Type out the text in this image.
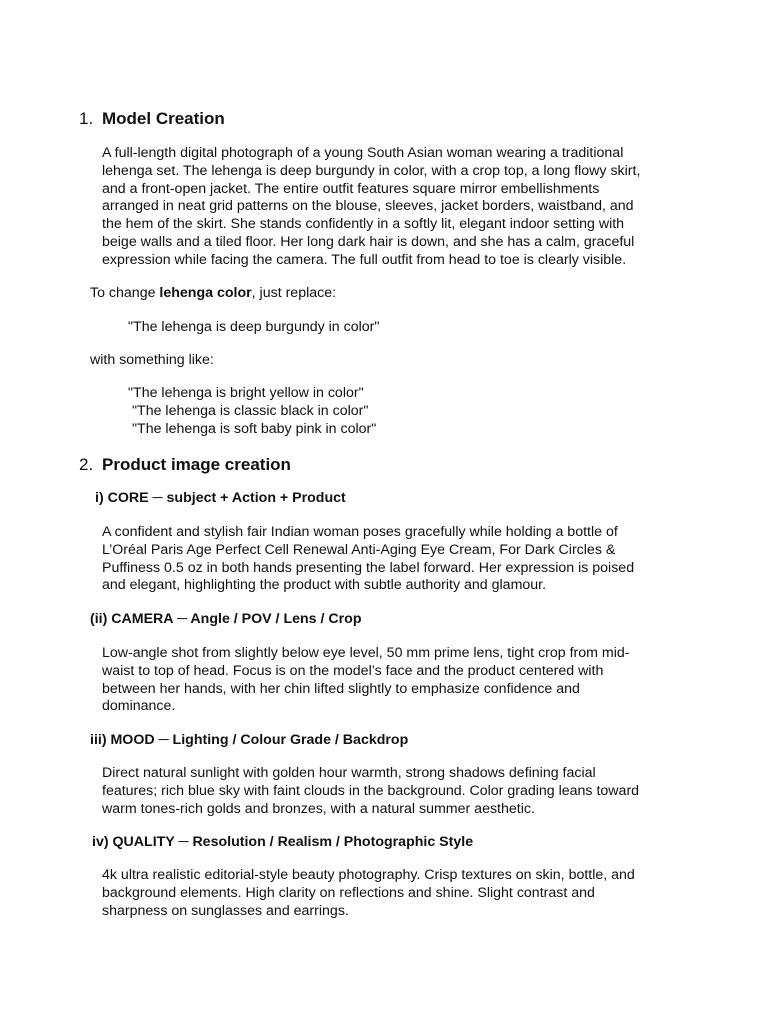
1. Model Creation
A full-length digital photograph of a young South Asian woman wearing a traditional
lehenga set. The lehenga is deep burgundy in color, with a crop top, a long flowy skirt,
and a front-open jacket. The entire outfit features square mirror embellishments
arranged in neat grid patterns on the blouse, sleeves, jacket borders, waistband, and
the hem of the skirt. She stands confidently in a softly lit, elegant indoor setting with
beige walls and a tiled floor. Her long dark hair is down, and she has a calm, graceful
expression while facing the camera. The full outfit from head to toe is clearly visible.

To change lehenga color, just replace:

"The lehenga is deep burgundy in color"

with something like:

"The lehenga is bright yellow in color"

"The lehenga is classic black in color"

"The lehenga is soft baby pink in color"

2. Product image creation

i) CORE ─ subject + Action + Product

A confident and stylish fair Indian woman poses gracefully while holding a bottle of
L’Oréal Paris Age Perfect Cell Renewal Anti-Aging Eye Cream, For Dark Circles &
Puffiness 0.5 oz in both hands presenting the label forward. Her expression is poised
and elegant, highlighting the product with subtle authority and glamour.

(ii) CAMERA ─ Angle / POV / Lens / Crop

Low-angle shot from slightly below eye level, 50 mm prime lens, tight crop from mid-
waist to top of head. Focus is on the model’s face and the product centered with
between her hands, with her chin lifted slightly to emphasize confidence and
dominance.

iii) MOOD ─ Lighting / Colour Grade / Backdrop

Direct natural sunlight with golden hour warmth, strong shadows defining facial
features; rich blue sky with faint clouds in the background. Color grading leans toward
warm tones-rich golds and bronzes, with a natural summer aesthetic.

iv) QUALITY ─ Resolution / Realism / Photographic Style

4k ultra realistic editorial-style beauty photography. Crisp textures on skin, bottle, and
background elements. High clarity on reflections and shine. Slight contrast and
sharpness on sunglasses and earrings.
